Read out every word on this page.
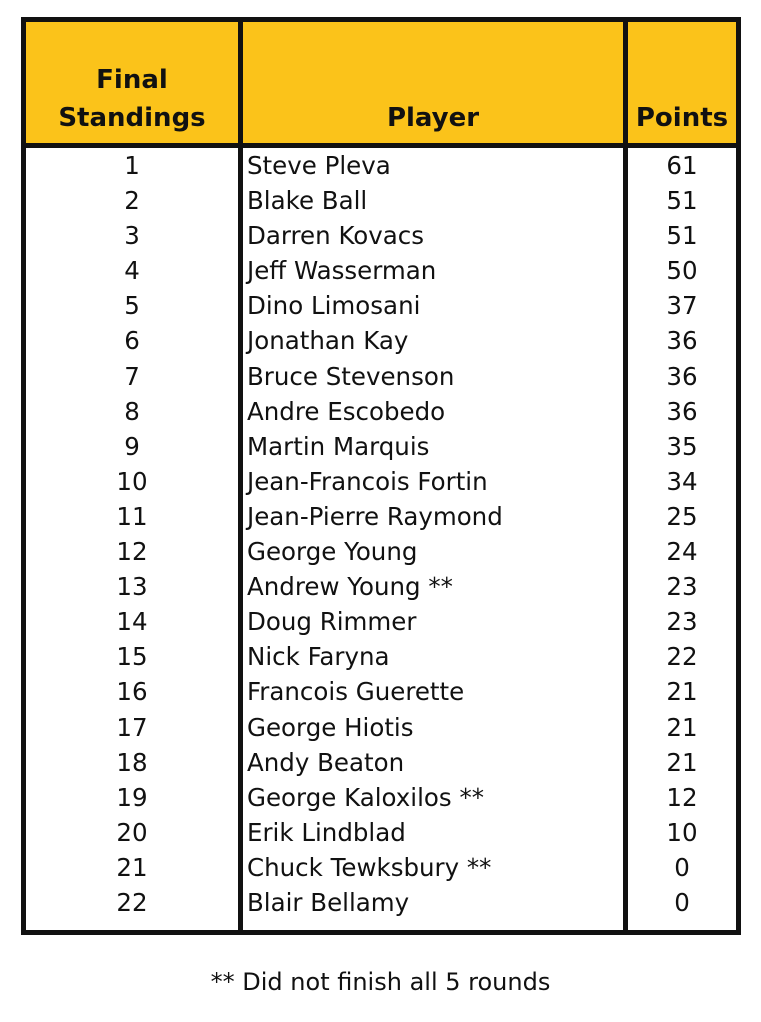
Final
Standings	Player	Points
1	Steve Pleva	61
2	Blake Ball	51
3	Darren Kovacs	51
4	Jeff Wasserman	50
5	Dino Limosani	37
6	Jonathan Kay	36
7	Bruce Stevenson	36
8	Andre Escobedo	36
9	Martin Marquis	35
10	Jean-Francois Fortin	34
11	Jean-Pierre Raymond	25
12	George Young	24
13	Andrew Young **	23
14	Doug Rimmer	23
15	Nick Faryna	22
16	Francois Guerette	21
17	George Hiotis	21
18	Andy Beaton	21
19	George Kaloxilos **	12
20	Erik Lindblad	10
21	Chuck Tewksbury **	0
22	Blair Bellamy	0
** Did not finish all 5 rounds
